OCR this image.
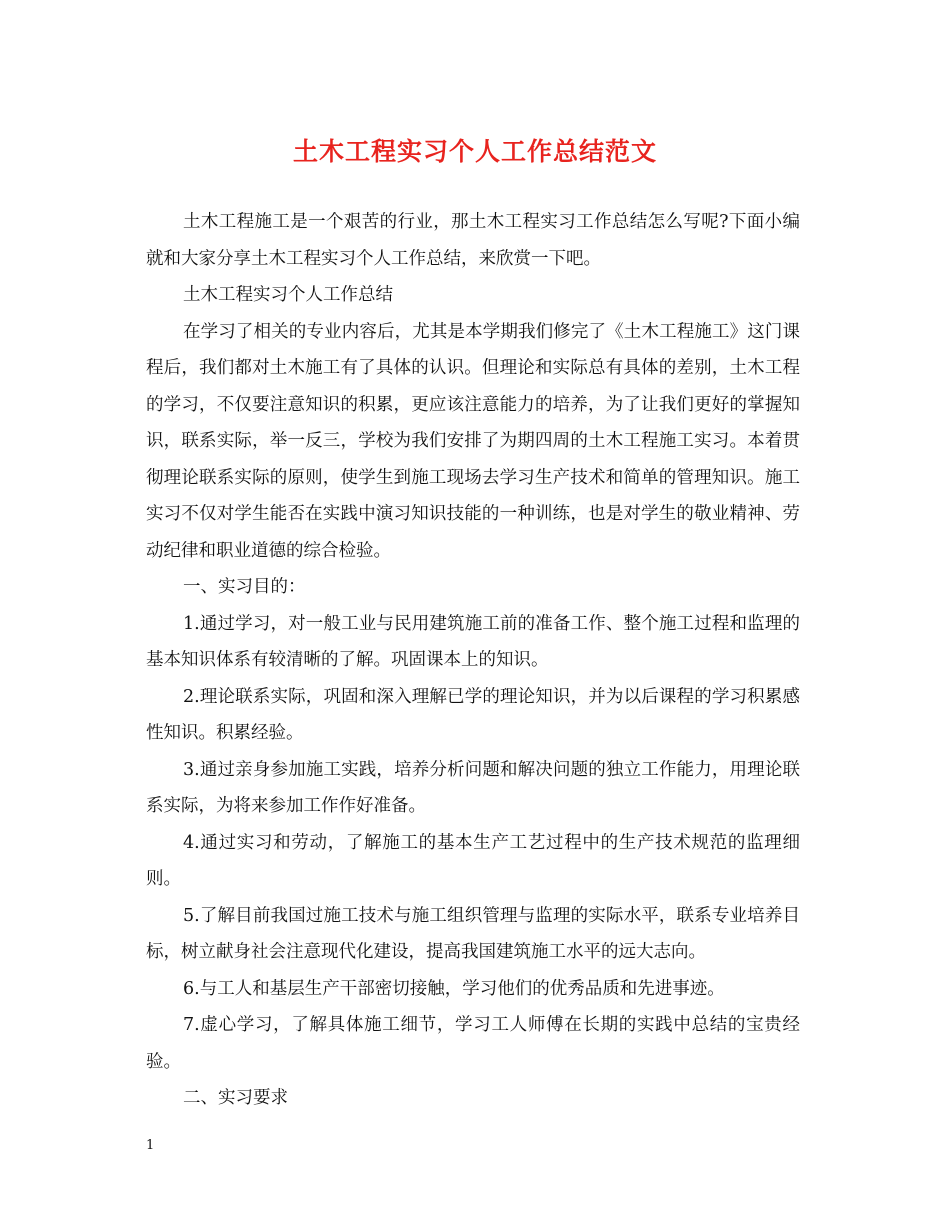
土木工程实习个人工作总结范文

土木工程施工是一个艰苦的行业，那土木工程实习工作总结怎么写呢?下面小编就和大家分享土木工程实习个人工作总结，来欣赏一下吧。

土木工程实习个人工作总结

在学习了相关的专业内容后，尤其是本学期我们修完了《土木工程施工》这门课程后，我们都对土木施工有了具体的认识。但理论和实际总有具体的差别，土木工程的学习，不仅要注意知识的积累，更应该注意能力的培养，为了让我们更好的掌握知识，联系实际，举一反三，学校为我们安排了为期四周的土木工程施工实习。本着贯彻理论联系实际的原则，使学生到施工现场去学习生产技术和简单的管理知识。施工实习不仅对学生能否在实践中演习知识技能的一种训练，也是对学生的敬业精神、劳动纪律和职业道德的综合检验。

一、实习目的：

1.通过学习，对一般工业与民用建筑施工前的准备工作、整个施工过程和监理的基本知识体系有较清晰的了解。巩固课本上的知识。

2.理论联系实际，巩固和深入理解已学的理论知识，并为以后课程的学习积累感性知识。积累经验。

3.通过亲身参加施工实践，培养分析问题和解决问题的独立工作能力，用理论联系实际，为将来参加工作作好准备。

4.通过实习和劳动，了解施工的基本生产工艺过程中的生产技术规范的监理细则。

5.了解目前我国过施工技术与施工组织管理与监理的实际水平，联系专业培养目标，树立献身社会注意现代化建设，提高我国建筑施工水平的远大志向。

6.与工人和基层生产干部密切接触，学习他们的优秀品质和先进事迹。

7.虚心学习，了解具体施工细节，学习工人师傅在长期的实践中总结的宝贵经验。

二、实习要求

1
